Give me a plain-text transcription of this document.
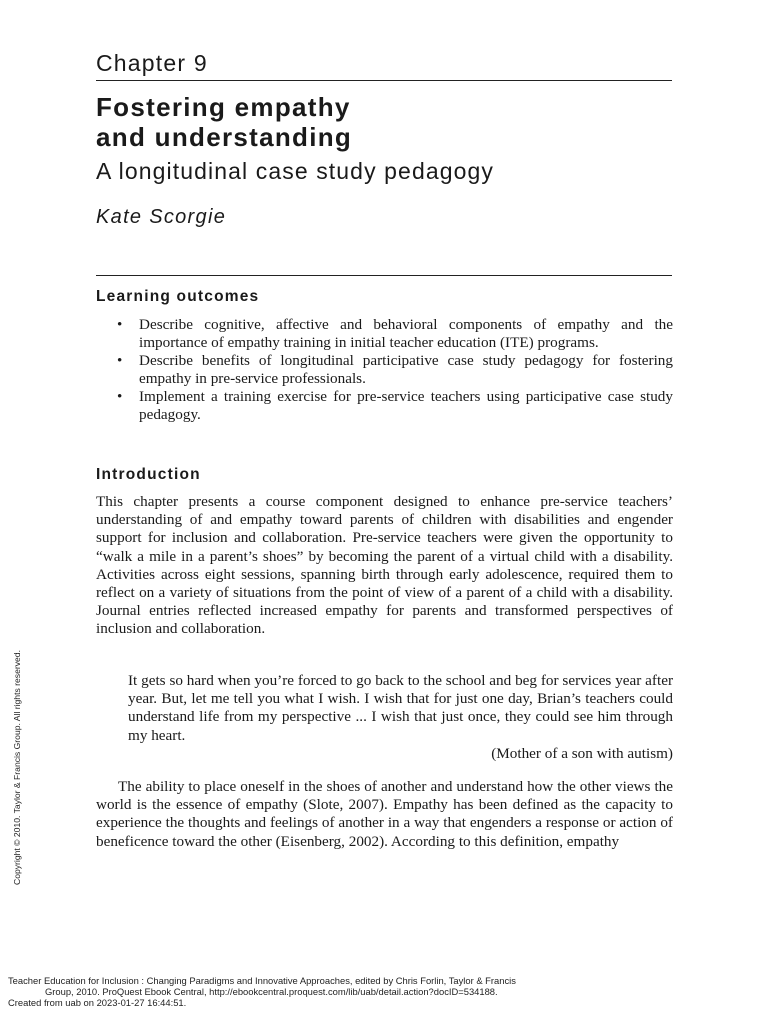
Chapter 9
Fostering empathy
and understanding
A longitudinal case study pedagogy
Kate Scorgie
Learning outcomes
• Describe cognitive, affective and behavioral components of empathy and the importance of empathy training in initial teacher education (ITE) programs.
• Describe benefits of longitudinal participative case study pedagogy for fostering empathy in pre-service professionals.
• Implement a training exercise for pre-service teachers using participative case study pedagogy.
Introduction

This chapter presents a course component designed to enhance pre-service teachers’ understanding of and empathy toward parents of children with disabilities and engender support for inclusion and collaboration. Pre-service teachers were given the opportunity to “walk a mile in a parent’s shoes” by becoming the parent of a virtual child with a disability. Activities across eight sessions, spanning birth through early adolescence, required them to reflect on a variety of situations from the point of view of a parent of a child with a disability. Journal entries reflected increased empathy for parents and transformed perspectives of inclusion and collaboration.

It gets so hard when you’re forced to go back to the school and beg for services year after year. But, let me tell you what I wish. I wish that for just one day, Brian’s teachers could understand life from my perspective ... I wish that just once, they could see him through my heart.
(Mother of a son with autism)

The ability to place oneself in the shoes of another and understand how the other views the world is the essence of empathy (Slote, 2007). Empathy has been defined as the capacity to experience the thoughts and feelings of another in a way that engenders a response or action of beneficence toward the other (Eisenberg, 2002). According to this definition, empathy

Copyright © 2010. Taylor & Francis Group. All rights reserved.
Teacher Education for Inclusion : Changing Paradigms and Innovative Approaches, edited by Chris Forlin, Taylor & Francis
Group, 2010. ProQuest Ebook Central, http://ebookcentral.proquest.com/lib/uab/detail.action?docID=534188.
Created from uab on 2023-01-27 16:44:51.
